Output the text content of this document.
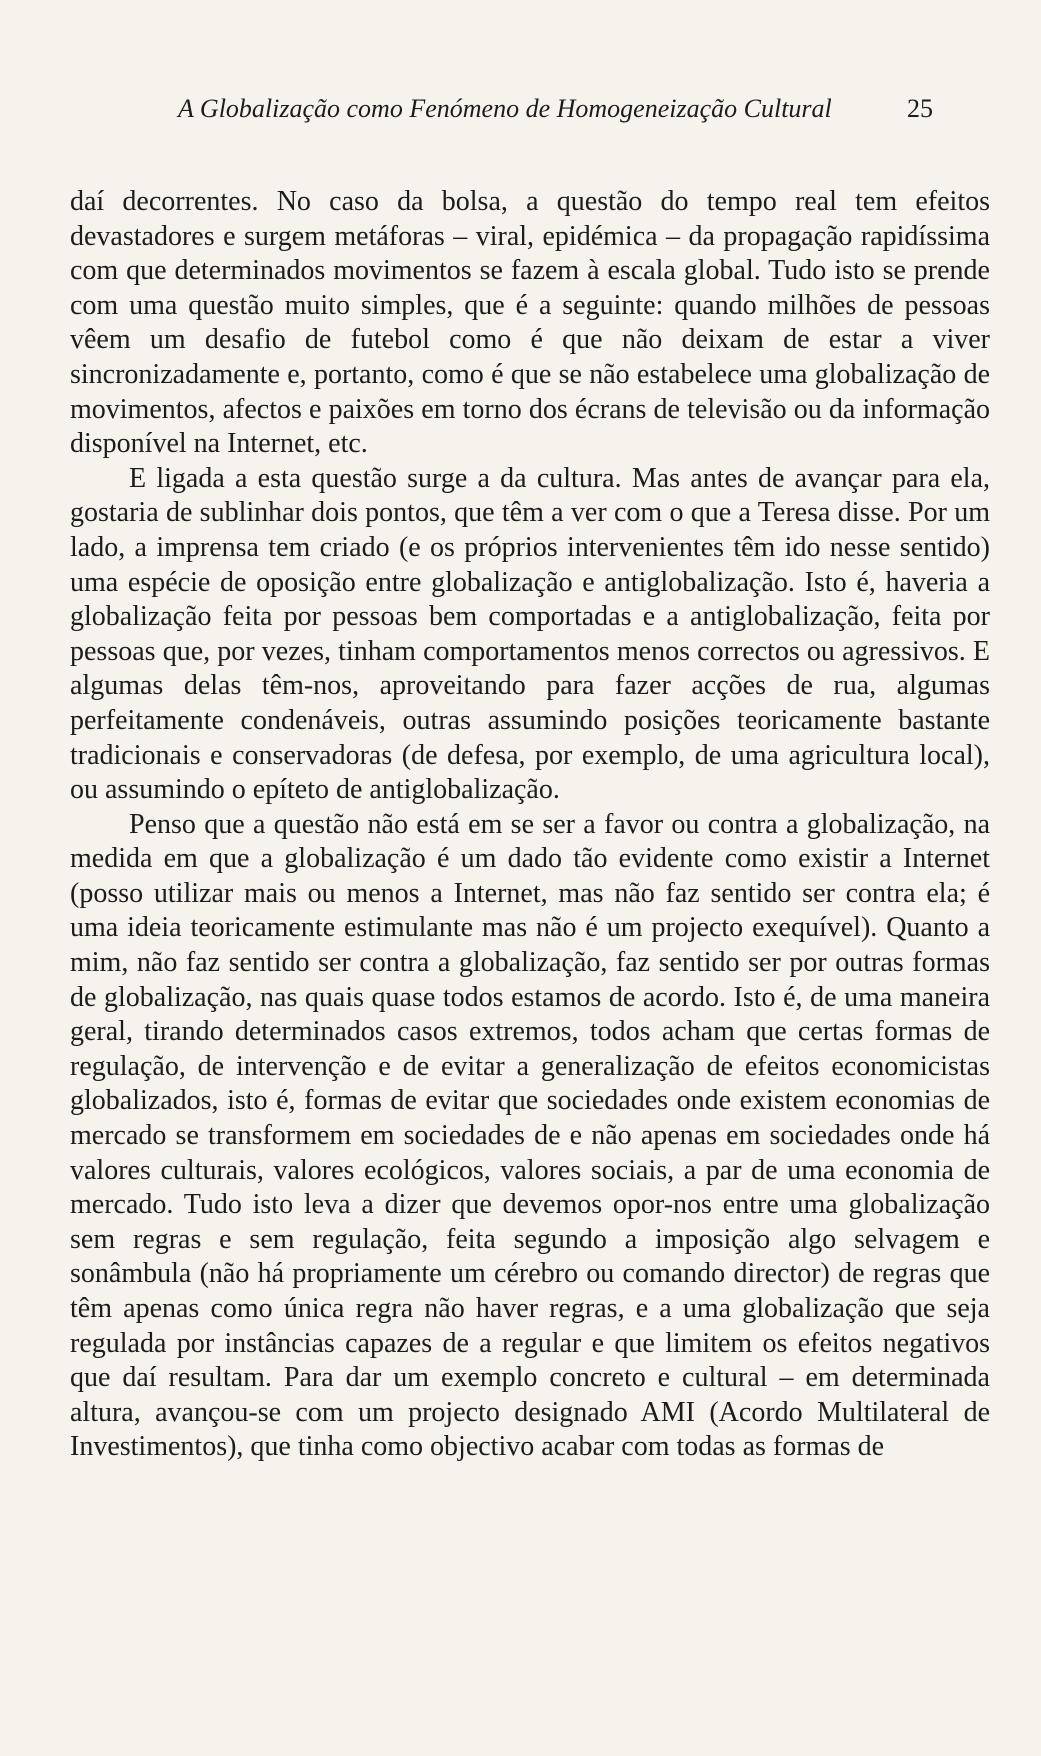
A Globalização como Fenómeno de Homogeneização Cultural	25

daí decorrentes. No caso da bolsa, a questão do tempo real tem efeitos devastadores e surgem metáforas – viral, epidémica – da propagação rapidíssima com que determinados movimentos se fazem à escala global. Tudo isto se prende com uma questão muito simples, que é a seguinte: quando milhões de pessoas vêem um desafio de futebol como é que não deixam de estar a viver sincronizadamente e, portanto, como é que se não estabelece uma globalização de movimentos, afectos e paixões em torno dos écrans de televisão ou da informação disponível na Internet, etc.

E ligada a esta questão surge a da cultura. Mas antes de avançar para ela, gostaria de sublinhar dois pontos, que têm a ver com o que a Teresa disse. Por um lado, a imprensa tem criado (e os próprios intervenientes têm ido nesse sentido) uma espécie de oposição entre globalização e antiglobalização. Isto é, haveria a globalização feita por pessoas bem comportadas e a antiglobalização, feita por pessoas que, por vezes, tinham comportamentos menos correctos ou agressivos. E algumas delas têm-nos, aproveitando para fazer acções de rua, algumas perfeitamente condenáveis, outras assumindo posições teoricamente bastante tradicionais e conservadoras (de defesa, por exemplo, de uma agricultura local), ou assumindo o epíteto de antiglobalização.

Penso que a questão não está em se ser a favor ou contra a globalização, na medida em que a globalização é um dado tão evidente como existir a Internet (posso utilizar mais ou menos a Internet, mas não faz sentido ser contra ela; é uma ideia teoricamente estimulante mas não é um projecto exequível). Quanto a mim, não faz sentido ser contra a globalização, faz sentido ser por outras formas de globalização, nas quais quase todos estamos de acordo. Isto é, de uma maneira geral, tirando determinados casos extremos, todos acham que certas formas de regulação, de intervenção e de evitar a generalização de efeitos economicistas globalizados, isto é, formas de evitar que sociedades onde existem economias de mercado se transformem em sociedades de e não apenas em sociedades onde há valores culturais, valores ecológicos, valores sociais, a par de uma economia de mercado. Tudo isto leva a dizer que devemos opor-nos entre uma globalização sem regras e sem regulação, feita segundo a imposição algo selvagem e sonâmbula (não há propriamente um cérebro ou comando director) de regras que têm apenas como única regra não haver regras, e a uma globalização que seja regulada por instâncias capazes de a regular e que limitem os efeitos negativos que daí resultam. Para dar um exemplo concreto e cultural – em determinada altura, avançou-se com um projecto designado AMI (Acordo Multilateral de Investimentos), que tinha como objectivo acabar com todas as formas de
